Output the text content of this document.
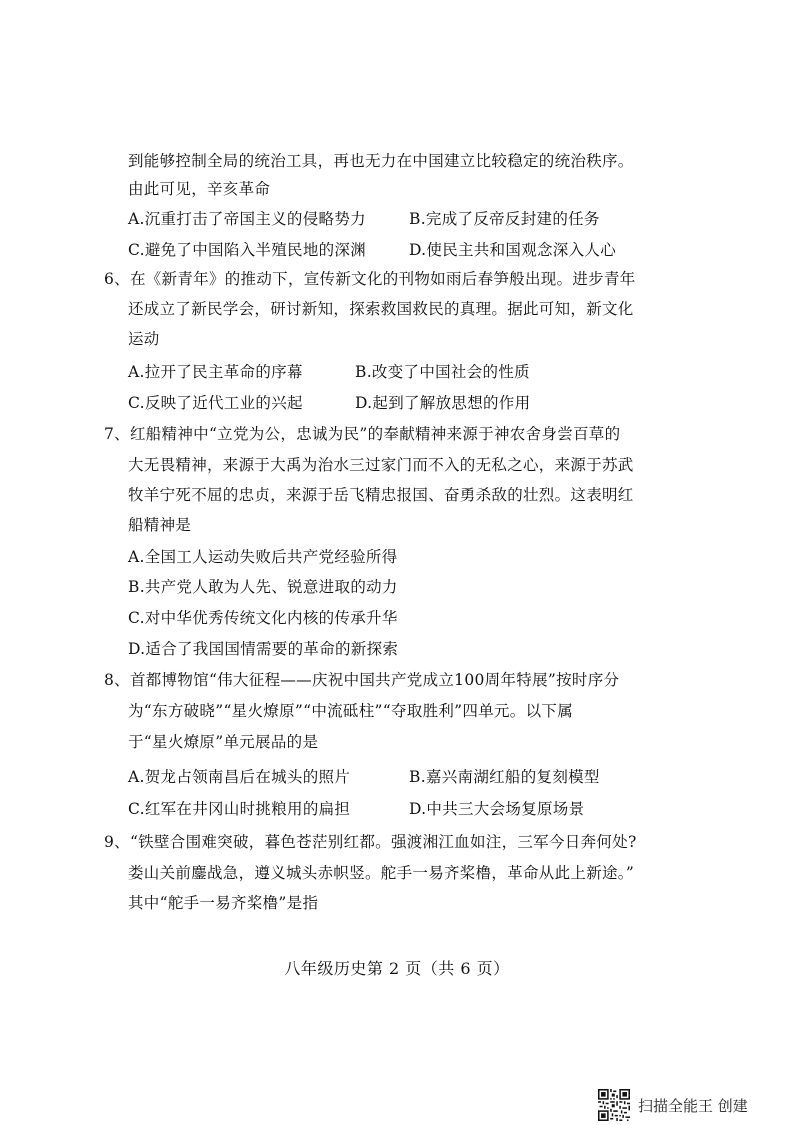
到能够控制全局的统治工具，再也无力在中国建立比较稳定的统治秩序。
由此可见，辛亥革命
A.沉重打击了帝国主义的侵略势力	B.完成了反帝反封建的任务
C.避免了中国陷入半殖民地的深渊	D.使民主共和国观念深入人心
6、在《新青年》的推动下，宣传新文化的刊物如雨后春笋般出现。进步青年
还成立了新民学会，研讨新知，探索救国救民的真理。据此可知，新文化
运动
A.拉开了民主革命的序幕	B.改变了中国社会的性质
C.反映了近代工业的兴起	D.起到了解放思想的作用
7、红船精神中“立党为公，忠诚为民”的奉献精神来源于神农舍身尝百草的
大无畏精神，来源于大禹为治水三过家门而不入的无私之心，来源于苏武
牧羊宁死不屈的忠贞，来源于岳飞精忠报国、奋勇杀敌的壮烈。这表明红
船精神是
A.全国工人运动失败后共产党经验所得
B.共产党人敢为人先、锐意进取的动力
C.对中华优秀传统文化内核的传承升华
D.适合了我国国情需要的革命的新探索
8、首都博物馆“伟大征程——庆祝中国共产党成立100周年特展”按时序分
为“东方破晓”“星火燎原”“中流砥柱”“夺取胜利”四单元。以下属
于“星火燎原”单元展品的是
A.贺龙占领南昌后在城头的照片	B.嘉兴南湖红船的复刻模型
C.红军在井冈山时挑粮用的扁担	D.中共三大会场复原场景
9、“铁壁合围难突破，暮色苍茫别红都。强渡湘江血如注，三军今日奔何处?
娄山关前鏖战急，遵义城头赤帜竖。舵手一易齐桨橹，革命从此上新途。”
其中“舵手一易齐桨橹”是指
八年级历史第 2 页（共 6 页）
扫描全能王 创建
